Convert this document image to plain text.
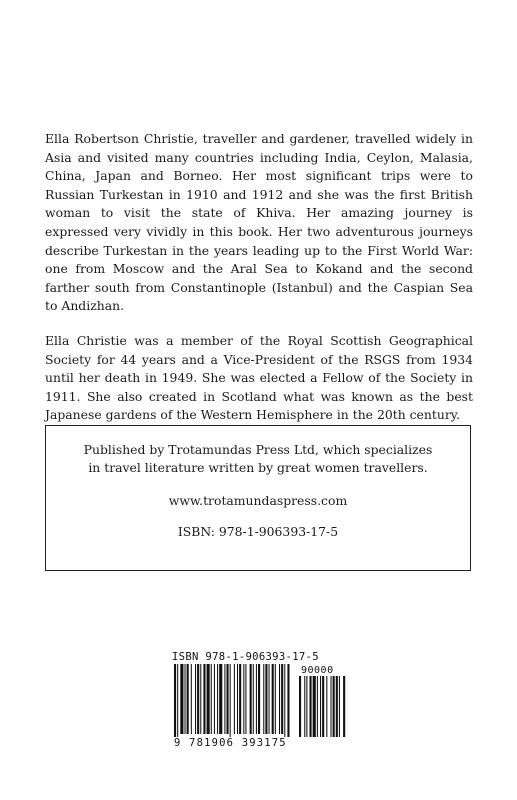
Ella Robertson Christie, traveller and gardener, travelled widely in Asia and visited many countries including India, Ceylon, Malasia, China, Japan and Borneo. Her most significant trips were to Russian Turkestan in 1910 and 1912 and she was the first British woman to visit the state of Khiva. Her amazing journey is expressed very vividly in this book. Her two adventurous journeys describe Turkestan in the years leading up to the First World War: one from Moscow and the Aral Sea to Kokand and the second farther south from Constantinople (Istanbul) and the Caspian Sea to Andizhan.

Ella Christie was a member of the Royal Scottish Geographical Society for 44 years and a Vice-President of the RSGS from 1934 until her death in 1949. She was elected a Fellow of the Society in 1911. She also created in Scotland what was known as the best Japanese gardens of the Western Hemisphere in the 20th century.

Published by Trotamundas Press Ltd, which specializes in travel literature written by great women travellers.
www.trotamundaspress.com
ISBN: 978-1-906393-17-5
ISBN 978-1-906393-17-5
90000
9 781906 393175
